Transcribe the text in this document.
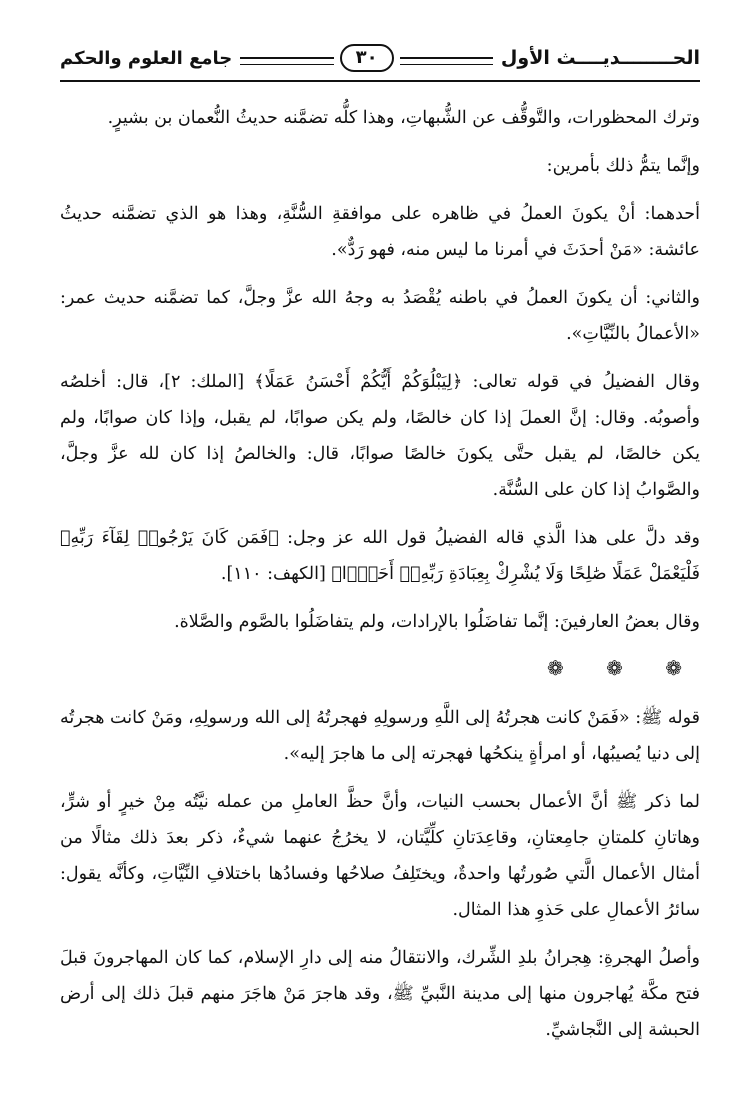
الحــــــــديــــث الأول
٣٠
جامع العلوم والحكم

وترك المحظورات، والتَّوقُّف عن الشُّبهاتِ، وهذا كلُّه تضمَّنه حديثُ النُّعمان بن بشيرٍ.

وإنَّما يتمُّ ذلك بأمرين:

أحدهما: أنْ يكونَ العملُ في ظاهره على موافقةِ السُّنَّةِ، وهذا هو الذي تضمَّنه حديثُ عائشة: «مَنْ أحدَثَ في أمرنا ما ليس منه، فهو رَدٌّ».

والثاني: أن يكونَ العملُ في باطنه يُقْصَدُ به وجهُ الله عزَّ وجلَّ، كما تضمَّنه حديث عمر: «الأعمالُ بالنِّيَّاتِ».

وقال الفضيلُ في قوله تعالى: ﴿لِيَبْلُوَكُمْ أَيُّكُمْ أَحْسَنُ عَمَلًا﴾ [الملك: ٢]، قال: أخلصُه وأصوبُه. وقال: إنَّ العملَ إذا كان خالصًا، ولم يكن صوابًا، لم يقبل، وإذا كان صوابًا، ولم يكن خالصًا، لم يقبل حتَّى يكونَ خالصًا صوابًا، قال: والخالصُ إذا كان لله عزَّ وجلَّ، والصَّوابُ إذا كان على السُّنَّة.

وقد دلَّ على هذا الَّذي قاله الفضيلُ قول الله عز وجل: ﴿فَمَن كَانَ يَرْجُوا۟ لِقَآءَ رَبِّهِۦ فَلْيَعْمَلْ عَمَلًا صَٰلِحًا وَلَا يُشْرِكْ بِعِبَادَةِ رَبِّهِۦٓ أَحَدًۢا﴾ [الكهف: ١١٠].

وقال بعضُ العارفينَ: إنَّما تفاضَلُوا بالإرادات، ولم يتفاضَلُوا بالصَّوم والصَّلاة.

❁ ❁ ❁

قوله ﷺ: «فَمَنْ كانت هجرتُهُ إلى اللَّهِ ورسولِهِ فهجرتُهُ إلى الله ورسولِهِ، ومَنْ كانت هجرتُه إلى دنيا يُصيبُها، أو امرأةٍ ينكحُها فهجرته إلى ما هاجرَ إليه».

لما ذكر ﷺ أنَّ الأعمال بحسب النيات، وأنَّ حظَّ العاملِ من عمله نيَّتُه مِنْ خيرٍ أو شرٍّ، وهاتانِ كلمتانِ جامِعتانِ، وقاعِدَتانِ كلِّيَّتان، لا يخرُجُ عنهما شيءٌ، ذكر بعدَ ذلك مثالًا من أمثال الأعمال الَّتي صُورتُها واحدةٌ، ويختَلِفُ صلاحُها وفسادُها باختلافِ النِّيَّاتِ، وكأنَّه يقول: سائرُ الأعمالِ على حَذوِ هذا المثال.

وأصلُ الهجرةِ: هِجرانُ بلدِ الشِّرك، والانتقالُ منه إلى دارِ الإسلام، كما كان المهاجرونَ قبلَ فتح مكَّة يُهاجرون منها إلى مدينة النَّبيِّ ﷺ، وقد هاجرَ مَنْ هاجَرَ منهم قبلَ ذلك إلى أرض الحبشة إلى النَّجاشيِّ.
